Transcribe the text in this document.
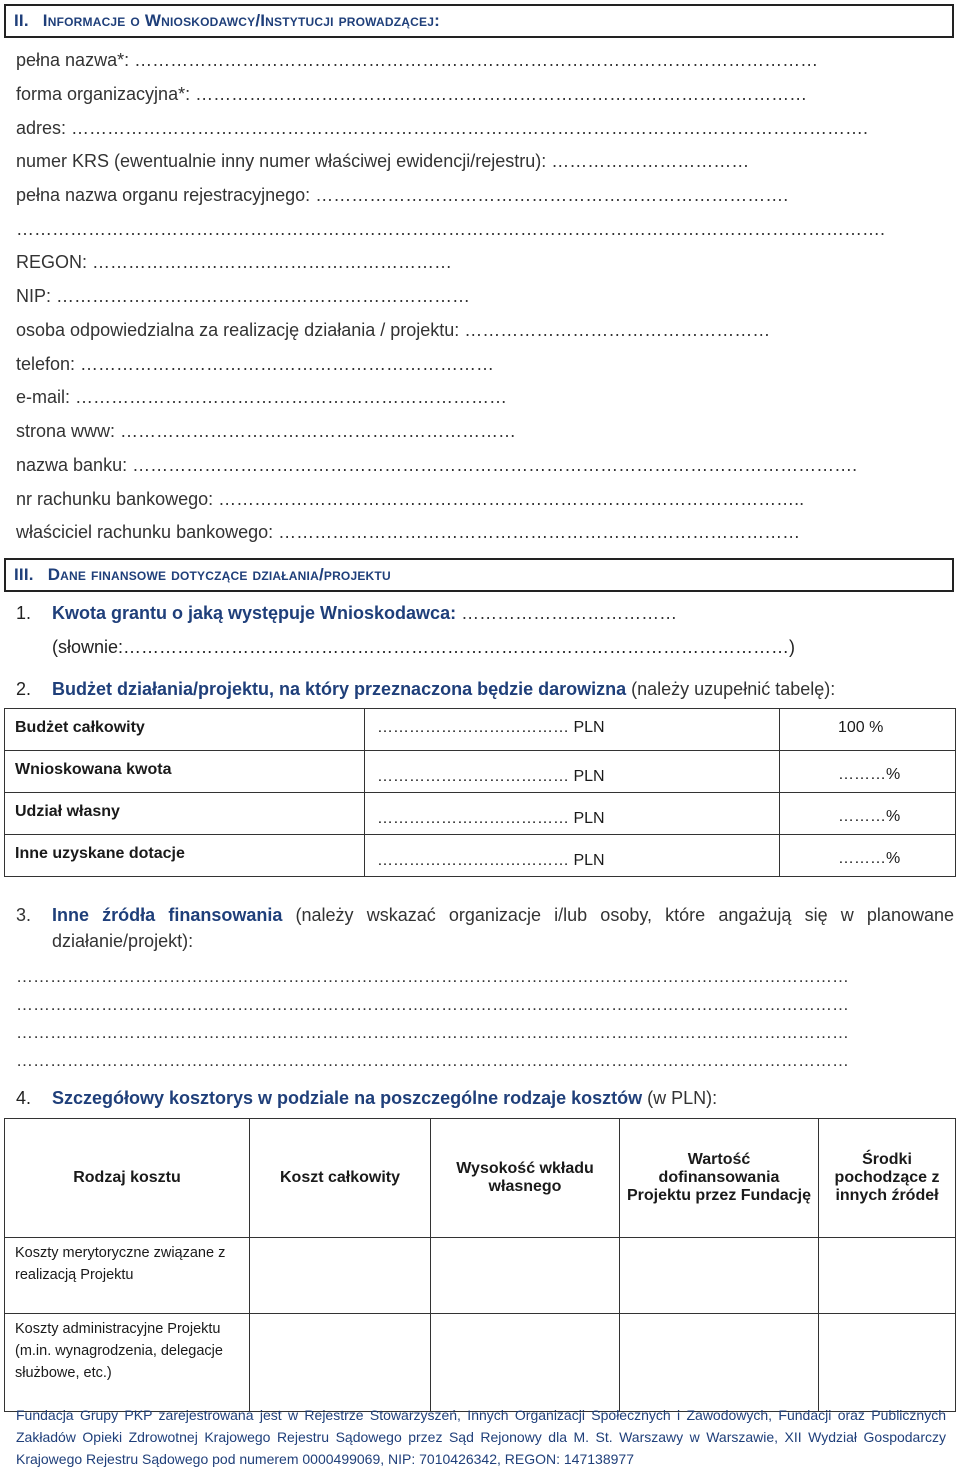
II. Informacje o Wnioskodawcy/Instytucji prowadzącej:
pełna nazwa*: ……………………………………………………………………………………………………
forma organizacyjna*: …………………………………………………………………………………………
adres: …………………………………………………………………………………………………………………….
numer KRS (ewentualnie inny numer właściwej ewidencji/rejestru): ……………………………
pełna nazwa organu rejestracyjnego: …………………………………………………………………….
……………………………………………………………………………………………………………………………….
REGON: ……………………………………………………
NIP: ……………………………………………………………
osoba odpowiedzialna za realizację działania / projektu: ……………………………………………
telefon: ……………………………………………………………
e-mail: ………………………………………………………………
strona www: …………………………………………………………
nazwa banku: ………………………………………………………………………………………………………….
nr rachunku bankowego: ……………………………………………………………………………………..
właściciel rachunku bankowego: ……………………………………………………………………………
III. Dane finansowe dotyczące działania/projektu
1. Kwota grantu o jaką występuje Wnioskodawca: ………………………………
(słownie:…………………………………………………………………………………………………)
2. Budżet działania/projektu, na który przeznaczona będzie darowizna (należy uzupełnić tabelę):
Budżet całkowity	……………………………… PLN	100 %
Wnioskowana kwota	……………………………… PLN	………%
Udział własny	……………………………… PLN	………%
Inne uzyskane dotacje	……………………………… PLN	………%
3.	Inne źródła finansowania (należy wskazać organizacje i/lub osoby, które angażują się w planowane działanie/projekt):
…………………………………………………………………………………………………………………………………
…………………………………………………………………………………………………………………………………
…………………………………………………………………………………………………………………………………
…………………………………………………………………………………………………………………………………
4. Szczegółowy kosztorys w podziale na poszczególne rodzaje kosztów (w PLN):
Rodzaj kosztu	Koszt całkowity	Wysokość wkładu własnego	Wartość dofinansowania Projektu przez Fundację	Środki pochodzące z innych źródeł
Koszty merytoryczne związane z realizacją Projektu				
Koszty administracyjne Projektu (m.in. wynagrodzenia, delegacje służbowe, etc.)				
Fundacja Grupy PKP zarejestrowana jest w Rejestrze Stowarzyszeń, Innych Organizacji Społecznych i Zawodowych, Fundacji oraz Publicznych Zakładów Opieki Zdrowotnej Krajowego Rejestru Sądowego przez Sąd Rejonowy dla M. St. Warszawy w Warszawie, XII Wydział Gospodarczy Krajowego Rejestru Sądowego pod numerem 0000499069, NIP: 7010426342, REGON: 147138977
